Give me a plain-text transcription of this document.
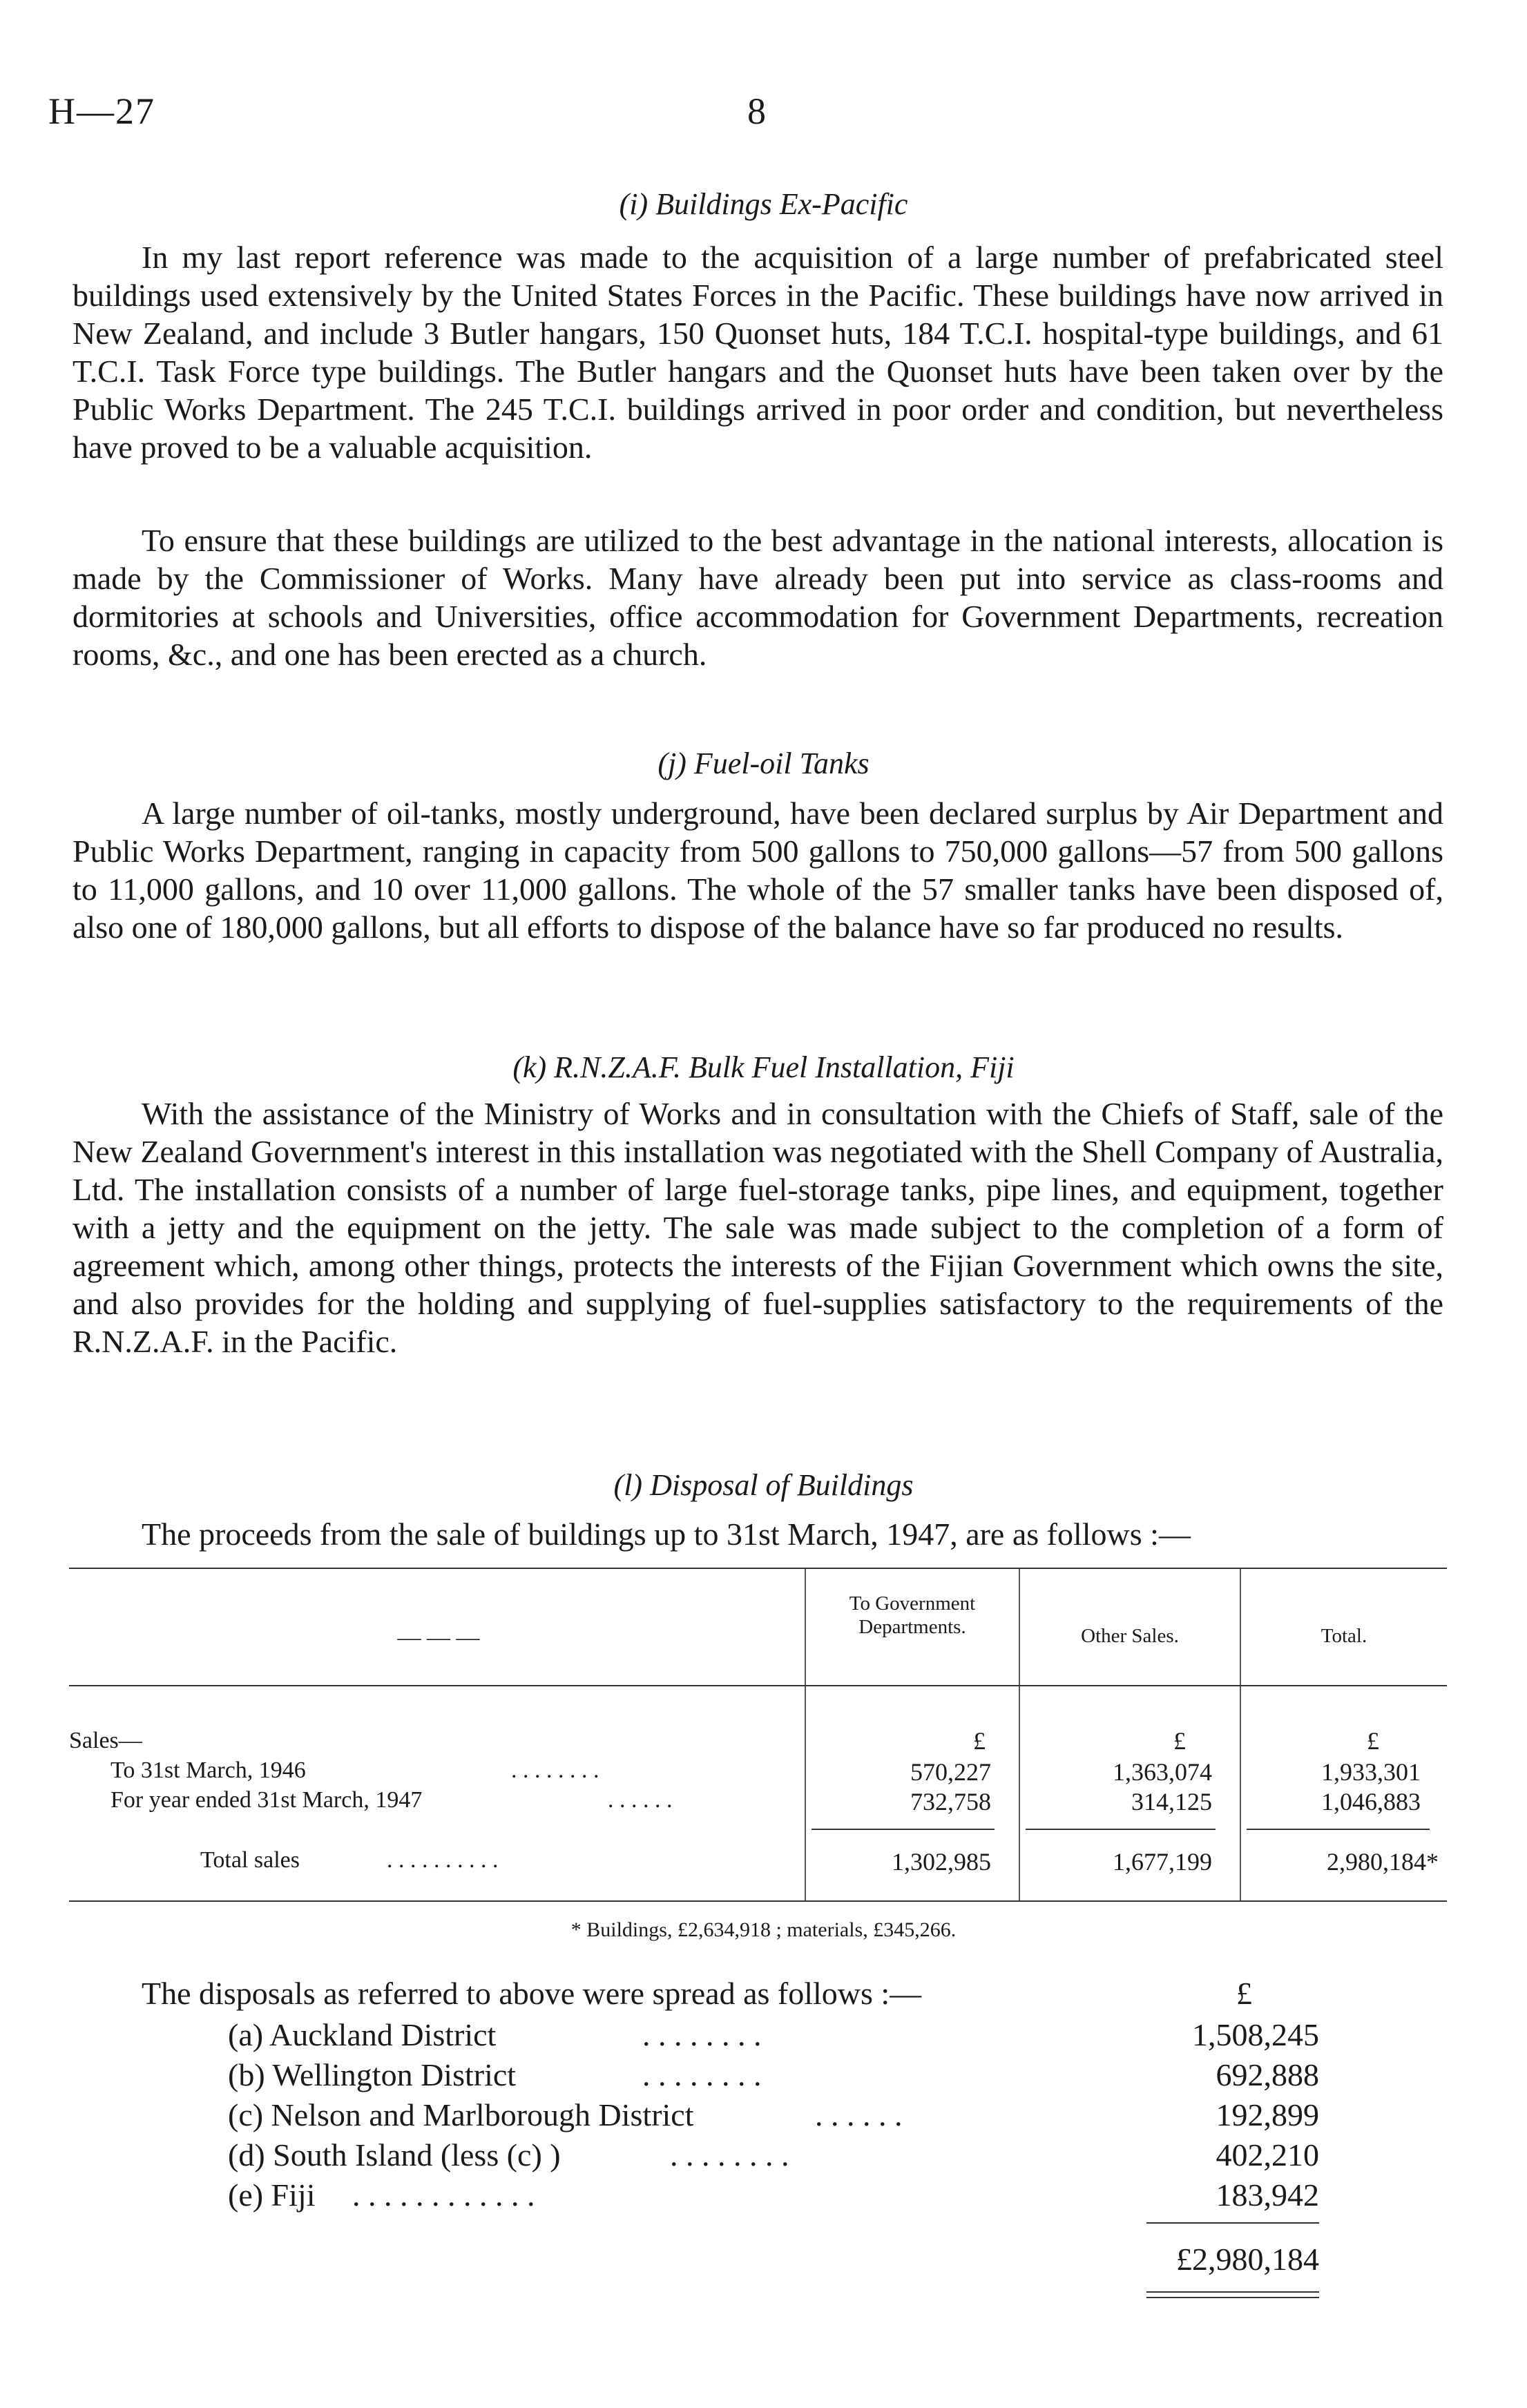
H—27	8
(i) Buildings Ex-Pacific

In my last report reference was made to the acquisition of a large number of prefabricated steel buildings used extensively by the United States Forces in the Pacific. These buildings have now arrived in New Zealand, and include 3 Butler hangars, 150 Quonset huts, 184 T.C.I. hospital-type buildings, and 61 T.C.I. Task Force type buildings. The Butler hangars and the Quonset huts have been taken over by the Public Works Department. The 245 T.C.I. buildings arrived in poor order and condition, but nevertheless have proved to be a valuable acquisition.

To ensure that these buildings are utilized to the best advantage in the national interests, allocation is made by the Commissioner of Works. Many have already been put into service as class-rooms and dormitories at schools and Universities, office accommodation for Government Departments, recreation rooms, &c., and one has been erected as a church.

(j) Fuel-oil Tanks

A large number of oil-tanks, mostly underground, have been declared surplus by Air Department and Public Works Department, ranging in capacity from 500 gallons to 750,000 gallons—57 from 500 gallons to 11,000 gallons, and 10 over 11,000 gallons. The whole of the 57 smaller tanks have been disposed of, also one of 180,000 gallons, but all efforts to dispose of the balance have so far produced no results.

(k) R.N.Z.A.F. Bulk Fuel Installation, Fiji

With the assistance of the Ministry of Works and in consultation with the Chiefs of Staff, sale of the New Zealand Government's interest in this installation was negotiated with the Shell Company of Australia, Ltd. The installation consists of a number of large fuel-storage tanks, pipe lines, and equipment, together with a jetty and the equipment on the jetty. The sale was made subject to the completion of a form of agreement which, among other things, protects the interests of the Fijian Government which owns the site, and also provides for the holding and supplying of fuel-supplies satisfactory to the requirements of the R.N.Z.A.F. in the Pacific.

(l) Disposal of Buildings
The proceeds from the sale of buildings up to 31st March, 1947, are as follows :—
— — —
To Government Departments.	Other Sales.	Total.
£	£	£
Sales—
To 31st March, 1946	. . . . . . . .	570,227	1,363,074	1,933,301
For year ended 31st March, 1947	. . . . . .	732,758	314,125	1,046,883
Total sales	. . . . . . . . . .	1,302,985	1,677,199	2,980,184*
* Buildings, £2,634,918 ; materials, £345,266.
The disposals as referred to above were spread as follows :—	£
(a) Auckland District	. . . . . . . .	1,508,245
(b) Wellington District	. . . . . . . .	692,888
(c) Nelson and Marlborough District	. . . . . .	192,899
(d) South Island (less (c) )	. . . . . . . .	402,210
(e) Fiji . . . . . . . . . . . .	183,942
£2,980,184
